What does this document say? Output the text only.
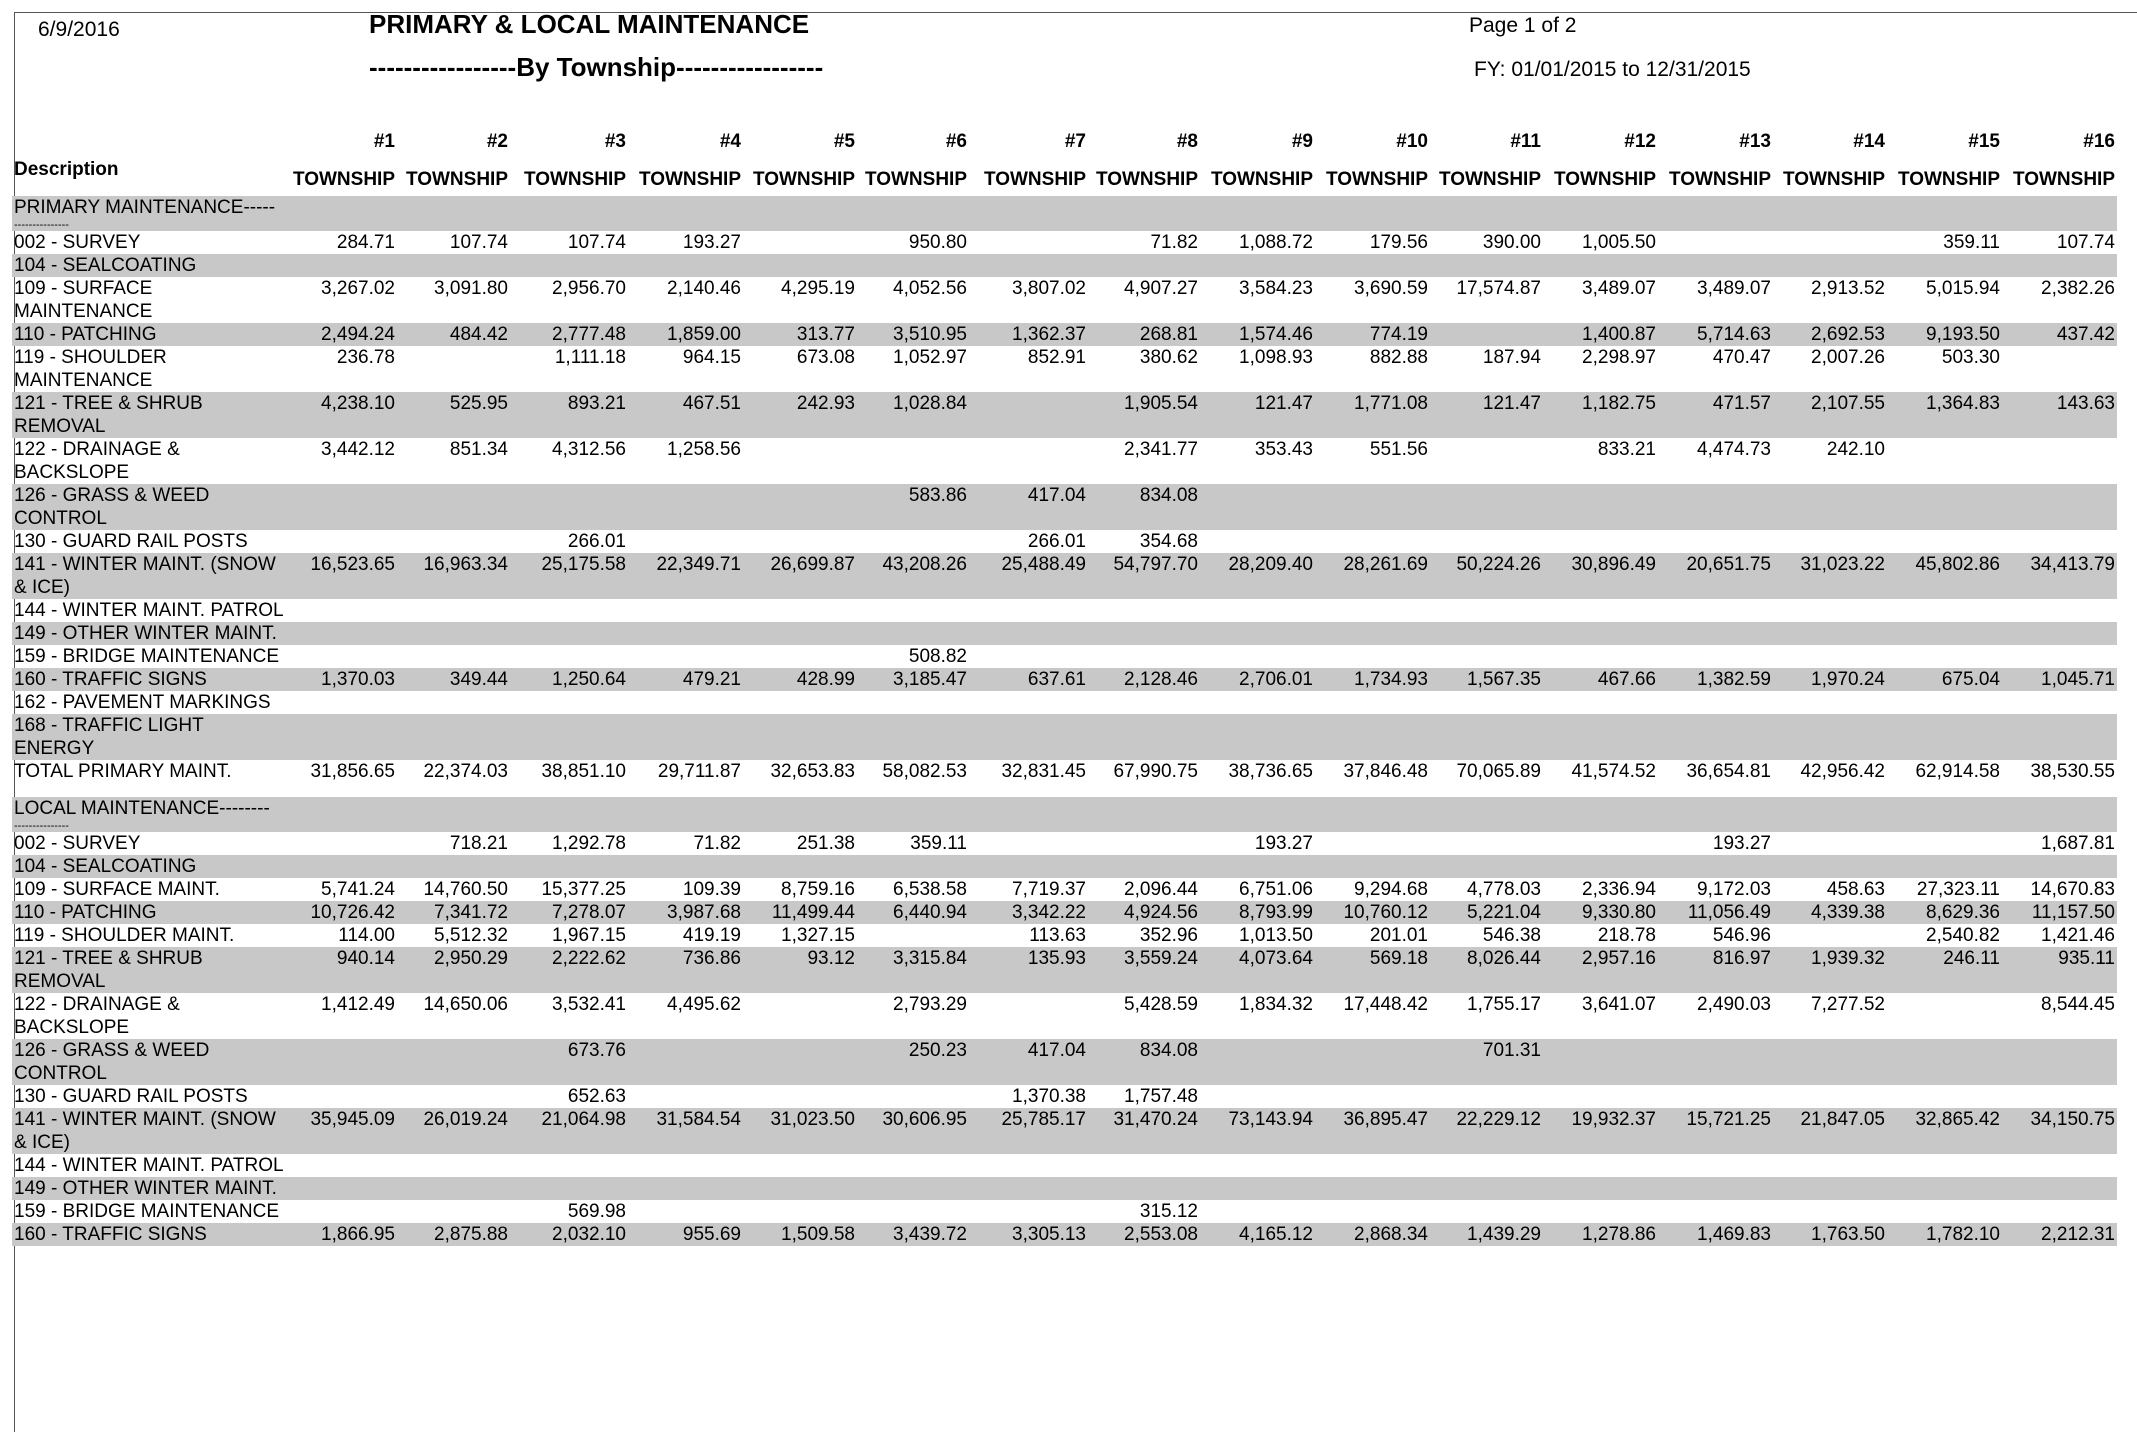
6/9/2016	PRIMARY & LOCAL MAINTENANCE
-----------------By Township-----------------
Page 1 of 2
FY: 01/01/2015 to 12/31/2015
	#1	#2	#3	#4	#5	#6	#7	#8	#9	#10	#11	#12	#13	#14	#15	#16
Description	TOWNSHIP	TOWNSHIP	TOWNSHIP	TOWNSHIP	TOWNSHIP	TOWNSHIP	TOWNSHIP	TOWNSHIP	TOWNSHIP	TOWNSHIP	TOWNSHIP	TOWNSHIP	TOWNSHIP	TOWNSHIP	TOWNSHIP	TOWNSHIP

PRIMARY MAINTENANCE-----
---------------																

002 - SURVEY	284.71	107.74	107.74	193.27		950.80		71.82	1,088.72	179.56	390.00	1,005.50			359.11	107.74
104 - SEALCOATING																
109 - SURFACE MAINTENANCE	3,267.02	3,091.80	2,956.70	2,140.46	4,295.19	4,052.56	3,807.02	4,907.27	3,584.23	3,690.59	17,574.87	3,489.07	3,489.07	2,913.52	5,015.94	2,382.26
110 - PATCHING	2,494.24	484.42	2,777.48	1,859.00	313.77	3,510.95	1,362.37	268.81	1,574.46	774.19		1,400.87	5,714.63	2,692.53	9,193.50	437.42
119 - SHOULDER MAINTENANCE	236.78		1,111.18	964.15	673.08	1,052.97	852.91	380.62	1,098.93	882.88	187.94	2,298.97	470.47	2,007.26	503.30	
121 - TREE & SHRUB REMOVAL	4,238.10	525.95	893.21	467.51	242.93	1,028.84		1,905.54	121.47	1,771.08	121.47	1,182.75	471.57	2,107.55	1,364.83	143.63
122 - DRAINAGE & BACKSLOPE	3,442.12	851.34	4,312.56	1,258.56				2,341.77	353.43	551.56		833.21	4,474.73	242.10		
126 - GRASS & WEED CONTROL						583.86	417.04	834.08								
130 - GUARD RAIL POSTS			266.01				266.01	354.68								
141 - WINTER MAINT. (SNOW & ICE)	16,523.65	16,963.34	25,175.58	22,349.71	26,699.87	43,208.26	25,488.49	54,797.70	28,209.40	28,261.69	50,224.26	30,896.49	20,651.75	31,023.22	45,802.86	34,413.79
144 - WINTER MAINT. PATROL																
149 - OTHER WINTER MAINT.																
159 - BRIDGE MAINTENANCE						508.82										
160 - TRAFFIC SIGNS	1,370.03	349.44	1,250.64	479.21	428.99	3,185.47	637.61	2,128.46	2,706.01	1,734.93	1,567.35	467.66	1,382.59	1,970.24	675.04	1,045.71
162 - PAVEMENT MARKINGS																
168 - TRAFFIC LIGHT ENERGY																
TOTAL PRIMARY MAINT.	31,856.65	22,374.03	38,851.10	29,711.87	32,653.83	58,082.53	32,831.45	67,990.75	38,736.65	37,846.48	70,065.89	41,574.52	36,654.81	42,956.42	62,914.58	38,530.55

LOCAL MAINTENANCE--------
---------------																

002 - SURVEY		718.21	1,292.78	71.82	251.38	359.11			193.27				193.27			1,687.81
104 - SEALCOATING																
109 - SURFACE MAINT.	5,741.24	14,760.50	15,377.25	109.39	8,759.16	6,538.58	7,719.37	2,096.44	6,751.06	9,294.68	4,778.03	2,336.94	9,172.03	458.63	27,323.11	14,670.83
110 - PATCHING	10,726.42	7,341.72	7,278.07	3,987.68	11,499.44	6,440.94	3,342.22	4,924.56	8,793.99	10,760.12	5,221.04	9,330.80	11,056.49	4,339.38	8,629.36	11,157.50
119 - SHOULDER MAINT.	114.00	5,512.32	1,967.15	419.19	1,327.15		113.63	352.96	1,013.50	201.01	546.38	218.78	546.96		2,540.82	1,421.46
121 - TREE & SHRUB REMOVAL	940.14	2,950.29	2,222.62	736.86	93.12	3,315.84	135.93	3,559.24	4,073.64	569.18	8,026.44	2,957.16	816.97	1,939.32	246.11	935.11
122 - DRAINAGE & BACKSLOPE	1,412.49	14,650.06	3,532.41	4,495.62		2,793.29		5,428.59	1,834.32	17,448.42	1,755.17	3,641.07	2,490.03	7,277.52		8,544.45
126 - GRASS & WEED CONTROL			673.76			250.23	417.04	834.08			701.31					
130 - GUARD RAIL POSTS			652.63				1,370.38	1,757.48								
141 - WINTER MAINT. (SNOW & ICE)	35,945.09	26,019.24	21,064.98	31,584.54	31,023.50	30,606.95	25,785.17	31,470.24	73,143.94	36,895.47	22,229.12	19,932.37	15,721.25	21,847.05	32,865.42	34,150.75
144 - WINTER MAINT. PATROL																
149 - OTHER WINTER MAINT.																
159 - BRIDGE MAINTENANCE			569.98					315.12								
160 - TRAFFIC SIGNS	1,866.95	2,875.88	2,032.10	955.69	1,509.58	3,439.72	3,305.13	2,553.08	4,165.12	2,868.34	1,439.29	1,278.86	1,469.83	1,763.50	1,782.10	2,212.31
